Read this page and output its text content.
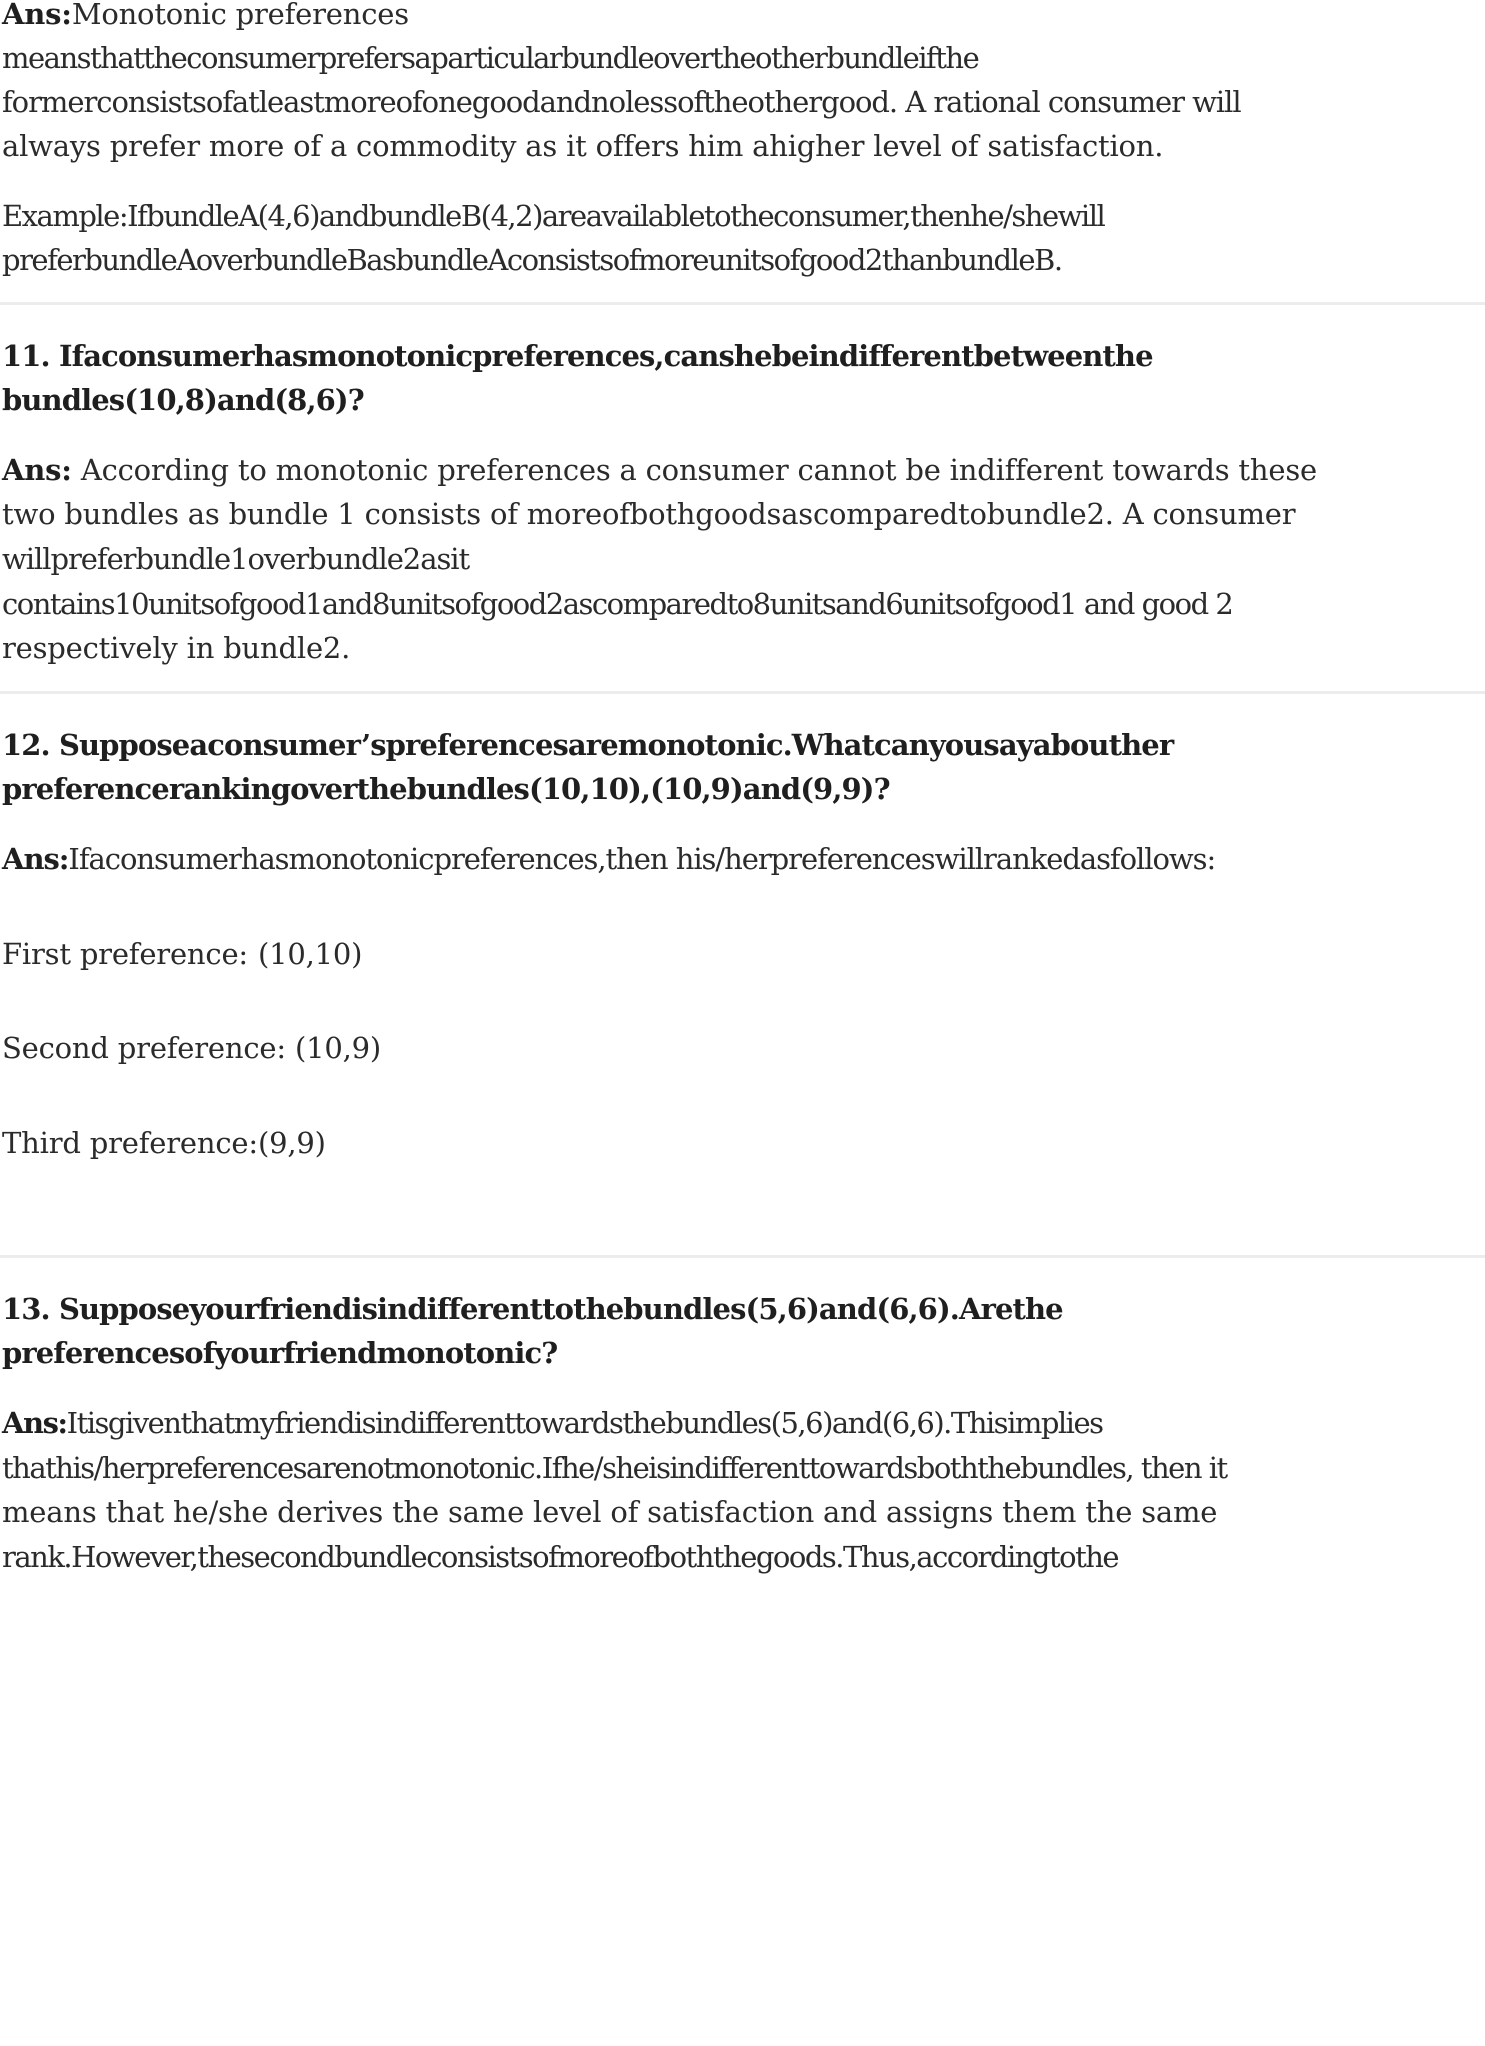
Ans:Monotonic preferences
meansthattheconsumerprefersaparticularbundleovertheotherbundleifthe
formerconsistsofatleastmoreofonegoodandnolessoftheothergood. A rational consumer will
always prefer more of a commodity as it offers him ahigher level of satisfaction.
Example:IfbundleA(4,6)andbundleB(4,2)areavailabletotheconsumer,thenhe/shewill
preferbundleAoverbundleBasbundleAconsistsofmoreunitsofgood2thanbundleB.
11. Ifaconsumerhasmonotonicpreferences,canshebeindifferentbetweenthe
bundles(10,8)and(8,6)?
Ans: According to monotonic preferences a consumer cannot be indifferent towards these
two bundles as bundle 1 consists of moreofbothgoodsascomparedtobundle2. A consumer
willpreferbundle1overbundle2asit
contains10unitsofgood1and8unitsofgood2ascomparedto8unitsand6unitsofgood1 and good 2
respectively in bundle2.
12. Supposeaconsumer’spreferencesaremonotonic.Whatcanyousayabouther
preferencerankingoverthebundles(10,10),(10,9)and(9,9)?
Ans:Ifaconsumerhasmonotonicpreferences,then his/herpreferenceswillrankedasfollows:
First preference: (10,10)
Second preference: (10,9)
Third preference:(9,9)
13. Supposeyourfriendisindifferenttothebundles(5,6)and(6,6).Arethe
preferencesofyourfriendmonotonic?
Ans:Itisgiventhatmyfriendisindifferenttowardsthebundles(5,6)and(6,6).Thisimplies
thathis/herpreferencesarenotmonotonic.Ifhe/sheisindifferenttowardsboththebundles, then it
means that he/she derives the same level of satisfaction and assigns them the same
rank.However,thesecondbundleconsistsofmoreofboththegoods.Thus,accordingtothe
